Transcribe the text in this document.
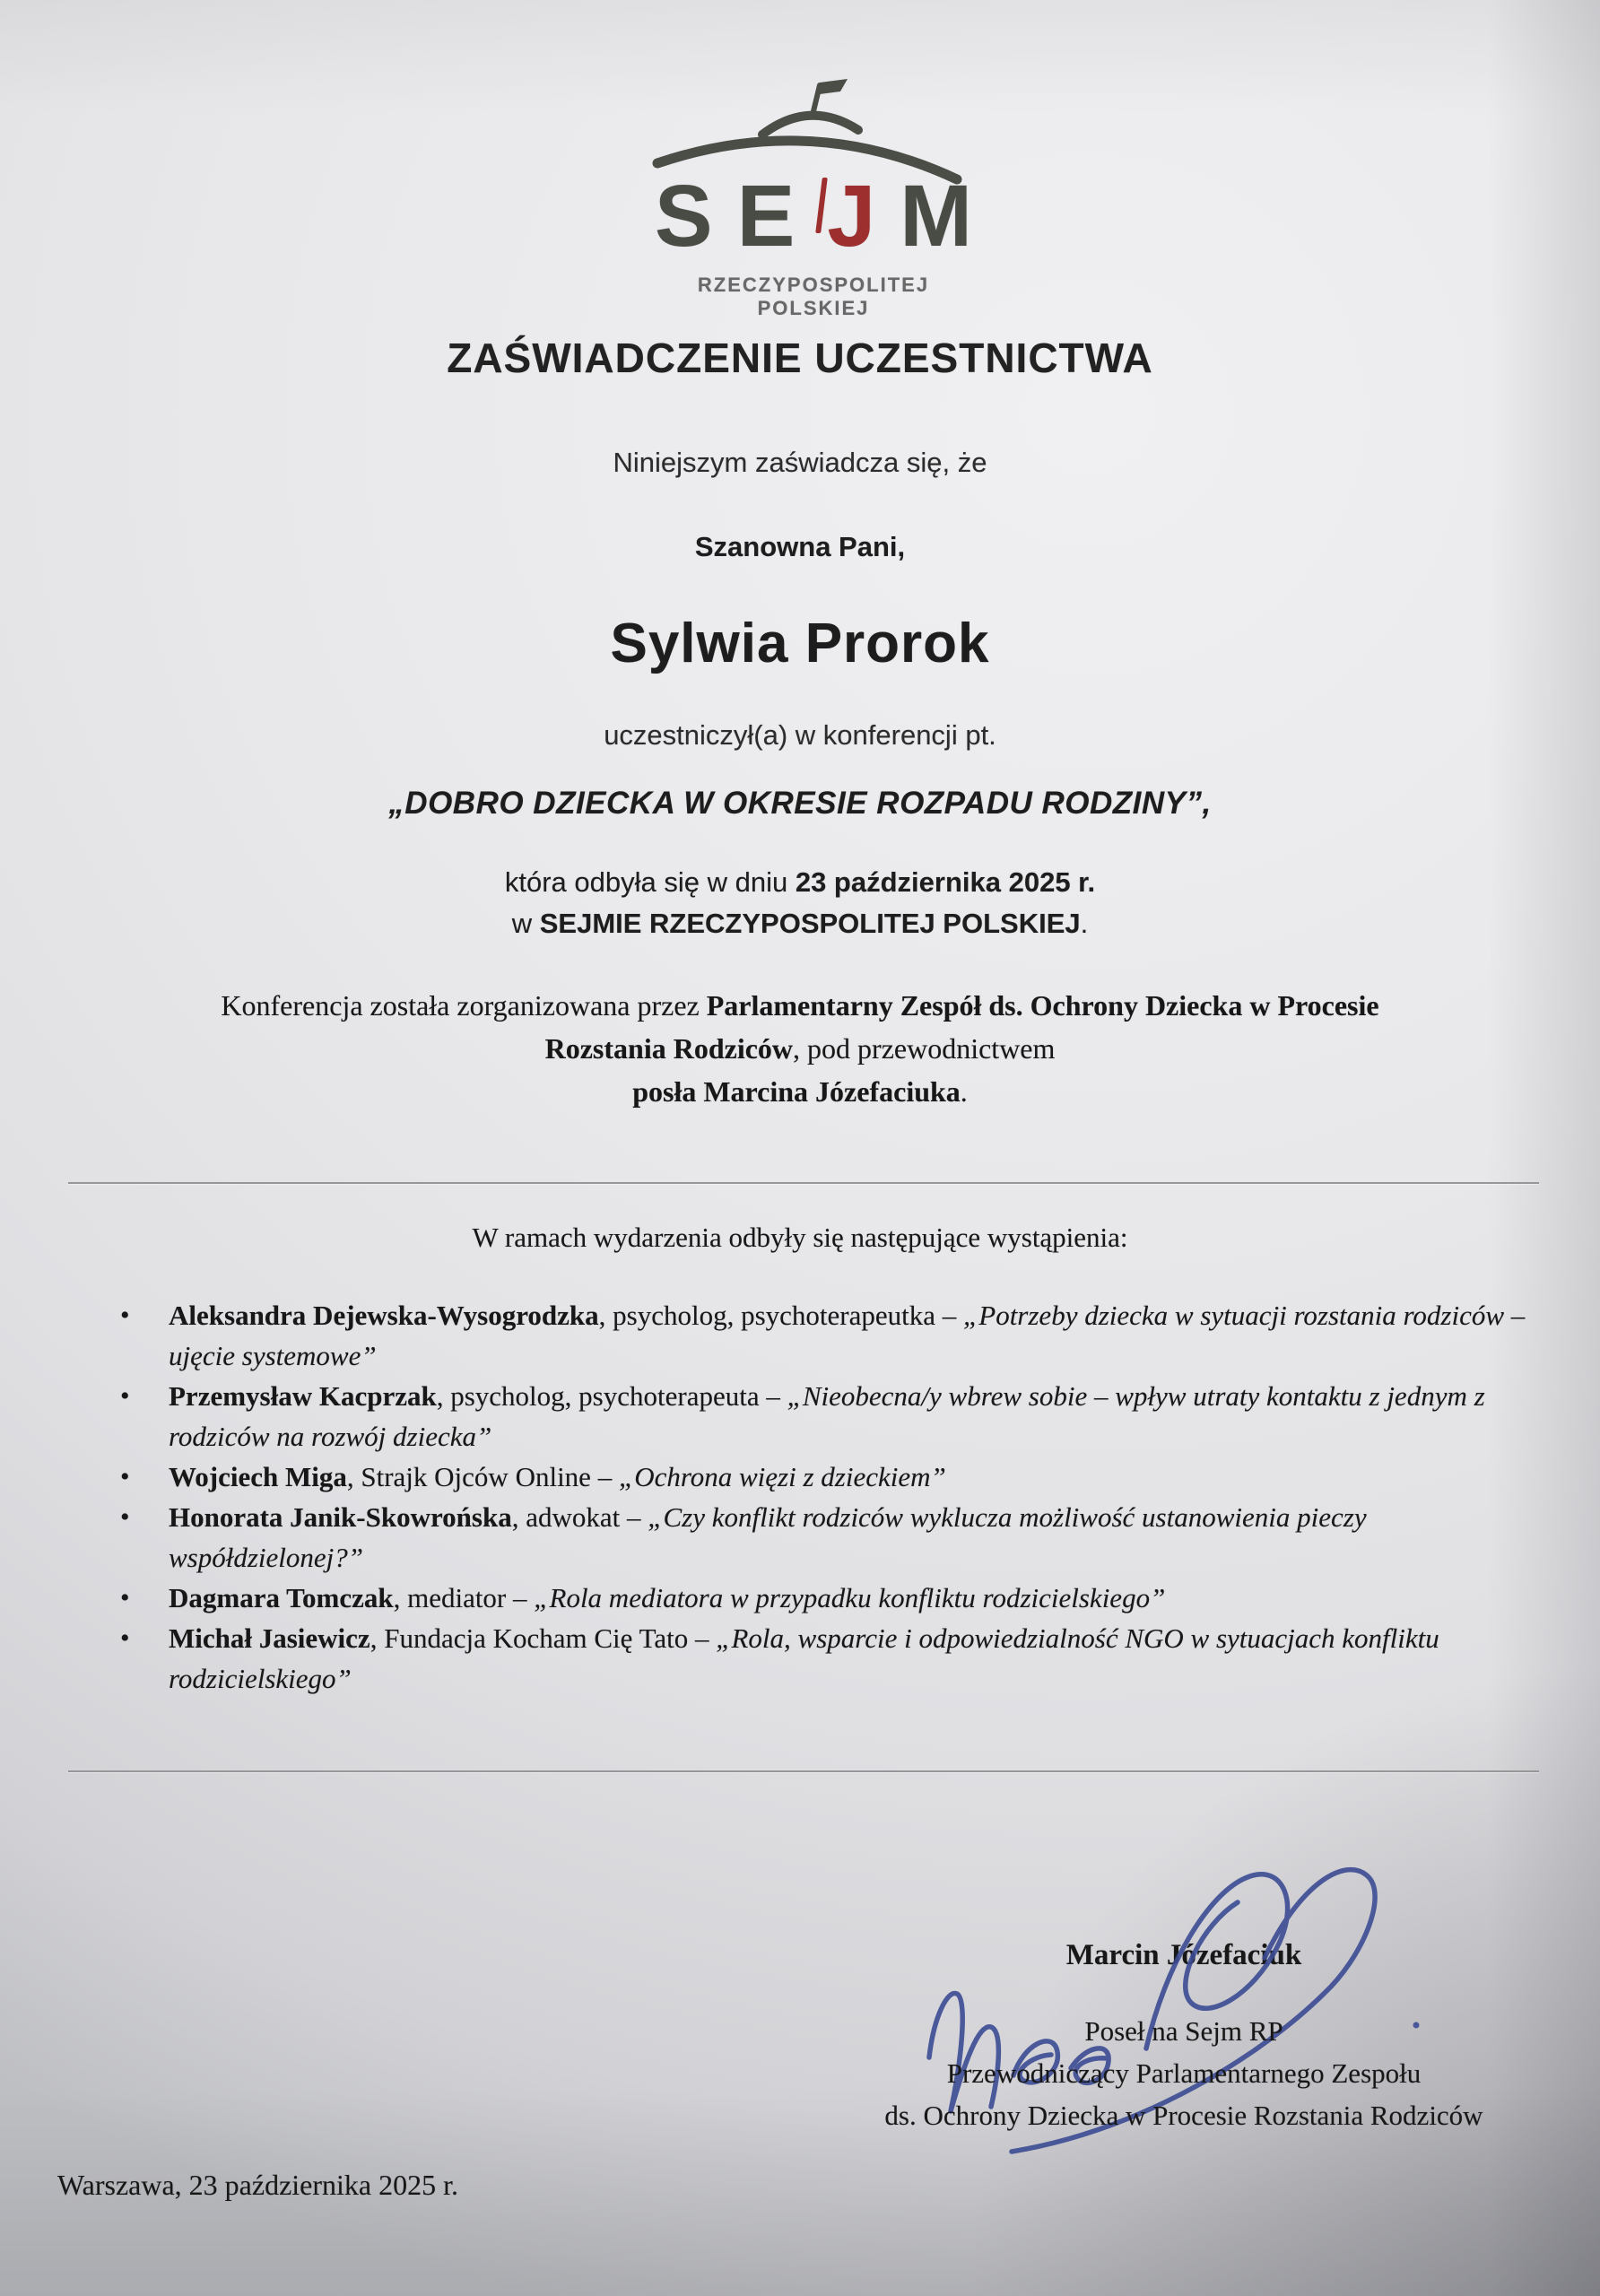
S E J M
RZECZYPOSPOLITEJ POLSKIEJ
ZAŚWIADCZENIE UCZESTNICTWA
Niniejszym zaświadcza się, że
Szanowna Pani,
Sylwia Prorok
uczestniczył(a) w konferencji pt.
„DOBRO DZIECKA W OKRESIE ROZPADU RODZINY”,
która odbyła się w dniu 23 października 2025 r.
w SEJMIE RZECZYPOSPOLITEJ POLSKIEJ.
Konferencja została zorganizowana przez Parlamentarny Zespół ds. Ochrony Dziecka w Procesie
Rozstania Rodziców, pod przewodnictwem
posła Marcina Józefaciuka.
W ramach wydarzenia odbyły się następujące wystąpienia:
• Aleksandra Dejewska-Wysogrodzka, psycholog, psychoterapeutka – „Potrzeby dziecka w sytuacji rozstania rodziców – ujęcie systemowe”
• Przemysław Kacprzak, psycholog, psychoterapeuta – „Nieobecna/y wbrew sobie – wpływ utraty kontaktu z jednym z rodziców na rozwój dziecka”
• Wojciech Miga, Strajk Ojców Online – „Ochrona więzi z dzieckiem”
• Honorata Janik-Skowrońska, adwokat – „Czy konflikt rodziców wyklucza możliwość ustanowienia pieczy współdzielonej?”
• Dagmara Tomczak, mediator – „Rola mediatora w przypadku konfliktu rodzicielskiego”
• Michał Jasiewicz, Fundacja Kocham Cię Tato – „Rola, wsparcie i odpowiedzialność NGO w sytuacjach konfliktu rodzicielskiego”
Marcin Józefaciuk
Poseł na Sejm RP
Przewodniczący Parlamentarnego Zespołu
ds. Ochrony Dziecka w Procesie Rozstania Rodziców
Warszawa, 23 października 2025 r.
